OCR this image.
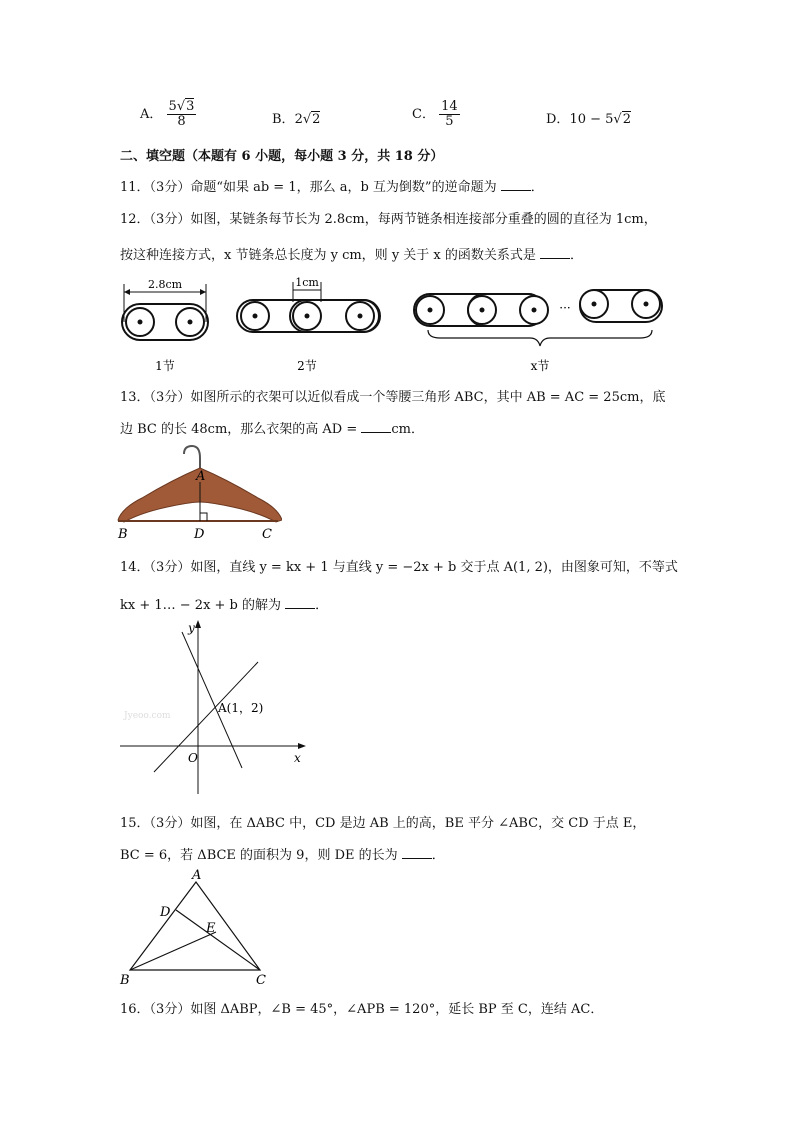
A． $\frac{5√3}{8}$	B．2√2	C． $\frac{14}{5}$	D．10 − 5√2
二、填空题（本题有 6 小题，每小题 3 分，共 18 分）
11．（3分）命题“如果 ab = 1，那么 a，b 互为倒数”的逆命题为	．
12．（3分）如图，某链条每节长为 2.8cm，每两节链条相连接部分重叠的圆的直径为 1cm，
按这种连接方式，x 节链条总长度为 y cm，则 y 关于 x 的函数关系式是	．
2.8cm	1cm
···
1节	2节	x节
13．（3分）如图所示的衣架可以近似看成一个等腰三角形 ABC，其中 AB = AC = 25cm，底
边 BC 的长 48cm，那么衣架的高 AD =	cm．
A
B	D	C
14．（3分）如图，直线 y = kx + 1 与直线 y = −2x + b 交于点 A(1, 2)，由图象可知，不等式
kx + 1… − 2x + b 的解为	．
Jyeoo.com
y
x
O
A(1，2)
15．（3分）如图，在 ΔABC 中，CD 是边 AB 上的高，BE 平分 ∠ABC，交 CD 于点 E，
BC = 6，若 ΔBCE 的面积为 9，则 DE 的长为	．
A
D
E
B	C
16．（3分）如图 ΔABP，∠B = 45°，∠APB = 120°，延长 BP 至 C，连结 AC．
